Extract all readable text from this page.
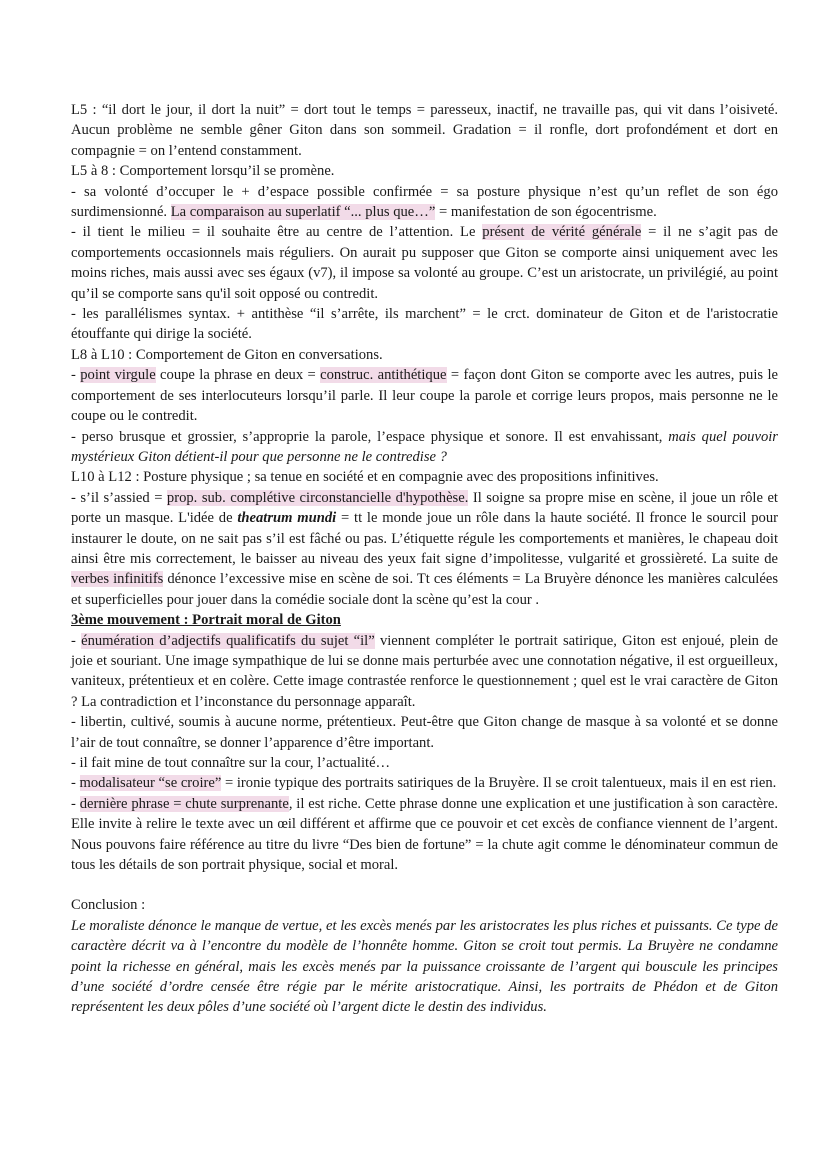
L5 : “il dort le jour, il dort la nuit” = dort tout le temps = paresseux, inactif, ne travaille pas, qui vit dans l’oisiveté. Aucun problème ne semble gêner Giton dans son sommeil. Gradation = il ronfle, dort profondément et dort en compagnie = on l’entend constamment.

L5 à 8 : Comportement lorsqu’il se promène.

- sa volonté d’occuper le + d’espace possible confirmée = sa posture physique n’est qu’un reflet de son égo surdimensionné. La comparaison au superlatif “... plus que…” = manifestation de son égocentrisme.

- il tient le milieu = il souhaite être au centre de l’attention. Le présent de vérité générale = il ne s’agit pas de comportements occasionnels mais réguliers. On aurait pu supposer que Giton se comporte ainsi uniquement avec les moins riches, mais aussi avec ses égaux (v7), il impose sa volonté au groupe. C’est un aristocrate, un privilégié, au point qu’il se comporte sans qu'il soit opposé ou contredit.

- les parallélismes syntax. + antithèse “il s’arrête, ils marchent” = le crct. dominateur de Giton et de l'aristocratie étouffante qui dirige la société.

L8 à L10 : Comportement de Giton en conversations.

- point virgule coupe la phrase en deux = construc. antithétique = façon dont Giton se comporte avec les autres, puis le comportement de ses interlocuteurs lorsqu’il parle. Il leur coupe la parole et corrige leurs propos, mais personne ne le coupe ou le contredit.

- perso brusque et grossier, s’approprie la parole, l’espace physique et sonore. Il est envahissant, mais quel pouvoir mystérieux Giton détient-il pour que personne ne le contredise ?

L10 à L12 : Posture physique ; sa tenue en société et en compagnie avec des propositions infinitives.

- s’il s’assied = prop. sub. complétive circonstancielle d'hypothèse. Il soigne sa propre mise en scène, il joue un rôle et porte un masque. L'idée de theatrum mundi = tt le monde joue un rôle dans la haute société. Il fronce le sourcil pour instaurer le doute, on ne sait pas s’il est fâché ou pas. L’étiquette régule les comportements et manières, le chapeau doit ainsi être mis correctement, le baisser au niveau des yeux fait signe d’impolitesse, vulgarité et grossièreté. La suite de verbes infinitifs dénonce l’excessive mise en scène de soi. Tt ces éléments = La Bruyère dénonce les manières calculées et superficielles pour jouer dans la comédie sociale dont la scène qu’est la cour .

3ème mouvement : Portrait moral de Giton

- énumération d’adjectifs qualificatifs du sujet “il” viennent compléter le portrait satirique, Giton est enjoué, plein de joie et souriant. Une image sympathique de lui se donne mais perturbée avec une connotation négative, il est orgueilleux, vaniteux, prétentieux et en colère. Cette image contrastée renforce le questionnement ; quel est le vrai caractère de Giton ? La contradiction et l’inconstance du personnage apparaît.

- libertin, cultivé, soumis à aucune norme, prétentieux. Peut-être que Giton change de masque à sa volonté et se donne l’air de tout connaître, se donner l’apparence d’être important.

- il fait mine de tout connaître sur la cour, l’actualité…

- modalisateur “se croire” = ironie typique des portraits satiriques de la Bruyère. Il se croit talentueux, mais il en est rien.

- dernière phrase = chute surprenante, il est riche. Cette phrase donne une explication et une justification à son caractère. Elle invite à relire le texte avec un œil différent et affirme que ce pouvoir et cet excès de confiance viennent de l’argent. Nous pouvons faire référence au titre du livre “Des bien de fortune” = la chute agit comme le dénominateur commun de tous les détails de son portrait physique, social et moral.

Conclusion :

Le moraliste dénonce le manque de vertue, et les excès menés par les aristocrates les plus riches et puissants. Ce type de caractère décrit va à l’encontre du modèle de l’honnête homme. Giton se croit tout permis. La Bruyère ne condamne point la richesse en général, mais les excès menés par la puissance croissante de l’argent qui bouscule les principes d’une société d’ordre censée être régie par le mérite aristocratique. Ainsi, les portraits de Phédon et de Giton représentent les deux pôles d’une société où l’argent dicte le destin des individus.
